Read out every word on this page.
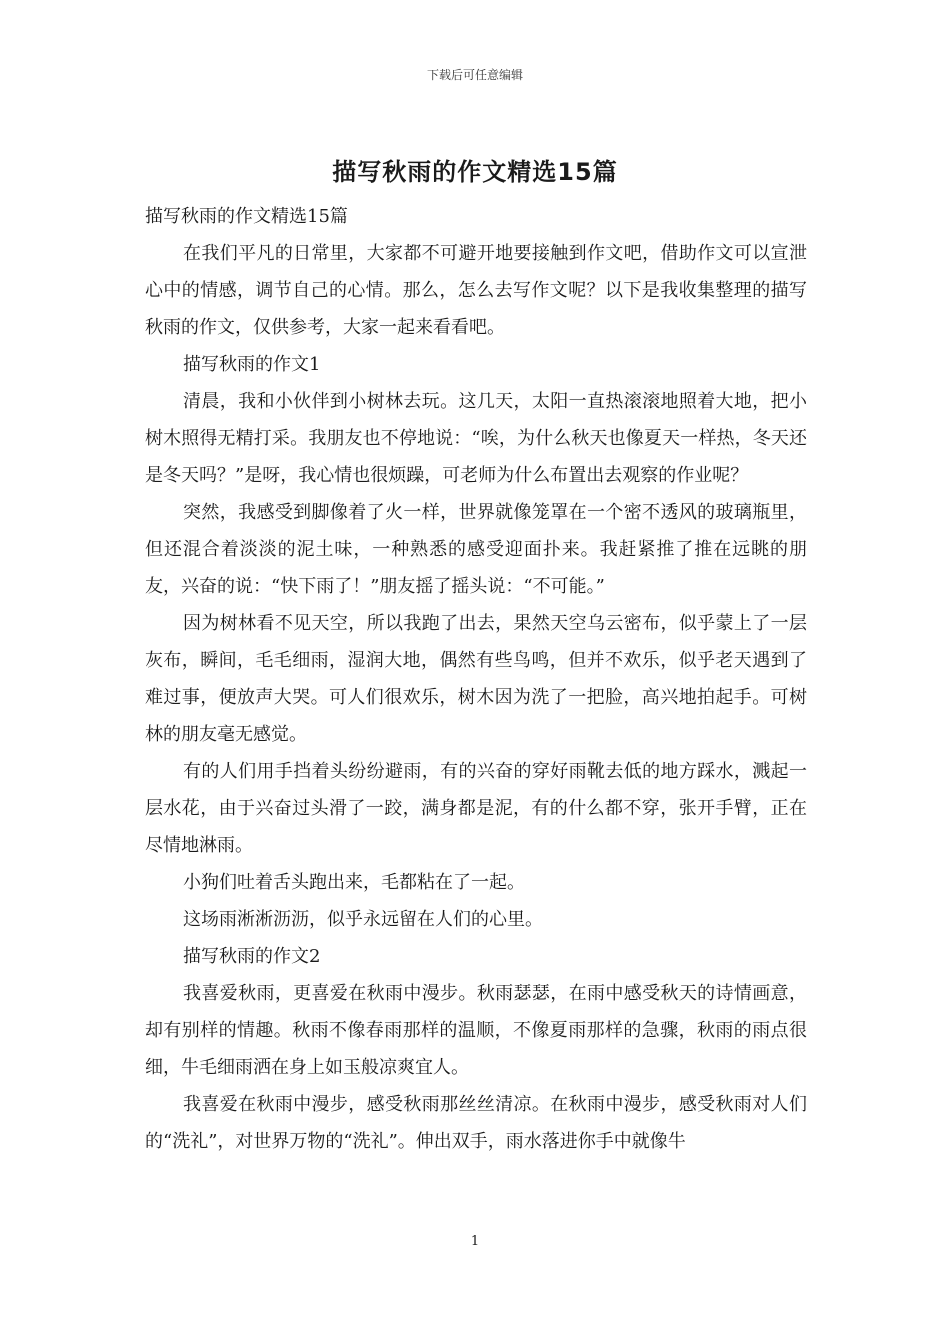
下载后可任意编辑
描写秋雨的作文精选15篇

描写秋雨的作文精选15篇

在我们平凡的日常里，大家都不可避开地要接触到作文吧，借助作文可以宣泄心中的情感，调节自己的心情。那么，怎么去写作文呢？以下是我收集整理的描写秋雨的作文，仅供参考，大家一起来看看吧。

描写秋雨的作文1

清晨，我和小伙伴到小树林去玩。这几天，太阳一直热滚滚地照着大地，把小树木照得无精打采。我朋友也不停地说：“唉，为什么秋天也像夏天一样热，冬天还是冬天吗？”是呀，我心情也很烦躁，可老师为什么布置出去观察的作业呢？

突然，我感受到脚像着了火一样，世界就像笼罩在一个密不透风的玻璃瓶里，但还混合着淡淡的泥土味，一种熟悉的感受迎面扑来。我赶紧推了推在远眺的朋友，兴奋的说：“快下雨了！”朋友摇了摇头说：“不可能。”

因为树林看不见天空，所以我跑了出去，果然天空乌云密布，似乎蒙上了一层灰布，瞬间，毛毛细雨，湿润大地，偶然有些鸟鸣，但并不欢乐，似乎老天遇到了难过事，便放声大哭。可人们很欢乐，树木因为洗了一把脸，高兴地拍起手。可树林的朋友毫无感觉。

有的人们用手挡着头纷纷避雨，有的兴奋的穿好雨靴去低的地方踩水，溅起一层水花，由于兴奋过头滑了一跤，满身都是泥，有的什么都不穿，张开手臂，正在尽情地淋雨。

小狗们吐着舌头跑出来，毛都粘在了一起。

这场雨淅淅沥沥，似乎永远留在人们的心里。

描写秋雨的作文2

我喜爱秋雨，更喜爱在秋雨中漫步。秋雨瑟瑟，在雨中感受秋天的诗情画意，却有别样的情趣。秋雨不像春雨那样的温顺，不像夏雨那样的急骤，秋雨的雨点很细，牛毛细雨洒在身上如玉般凉爽宜人。

我喜爱在秋雨中漫步，感受秋雨那丝丝清凉。在秋雨中漫步，感受秋雨对人们的“洗礼”，对世界万物的“洗礼”。伸出双手，雨水落进你手中就像牛

1
